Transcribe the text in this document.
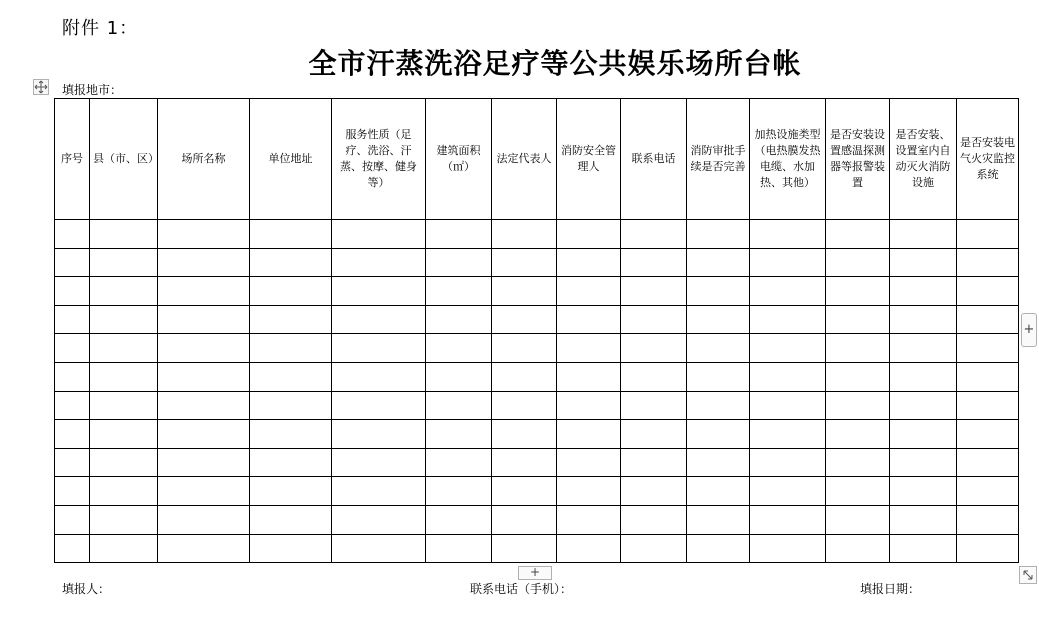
附件 1：
全市汗蒸洗浴足疗等公共娱乐场所台帐
填报地市：
序号	县（市、区）	场所名称	单位地址	服务性质（足疗、洗浴、汗蒸、按摩、健身等）	建筑面积（㎡）	法定代表人	消防安全管理人	联系电话	消防审批手续是否完善	加热设施类型（电热膜发热电缆、水加热、其他）	是否安装设置感温探测器等报警装置	是否安装、设置室内自动灭火消防设施	是否安装电气火灾监控系统

+
+
填报人：	联系电话（手机）：	填报日期：
